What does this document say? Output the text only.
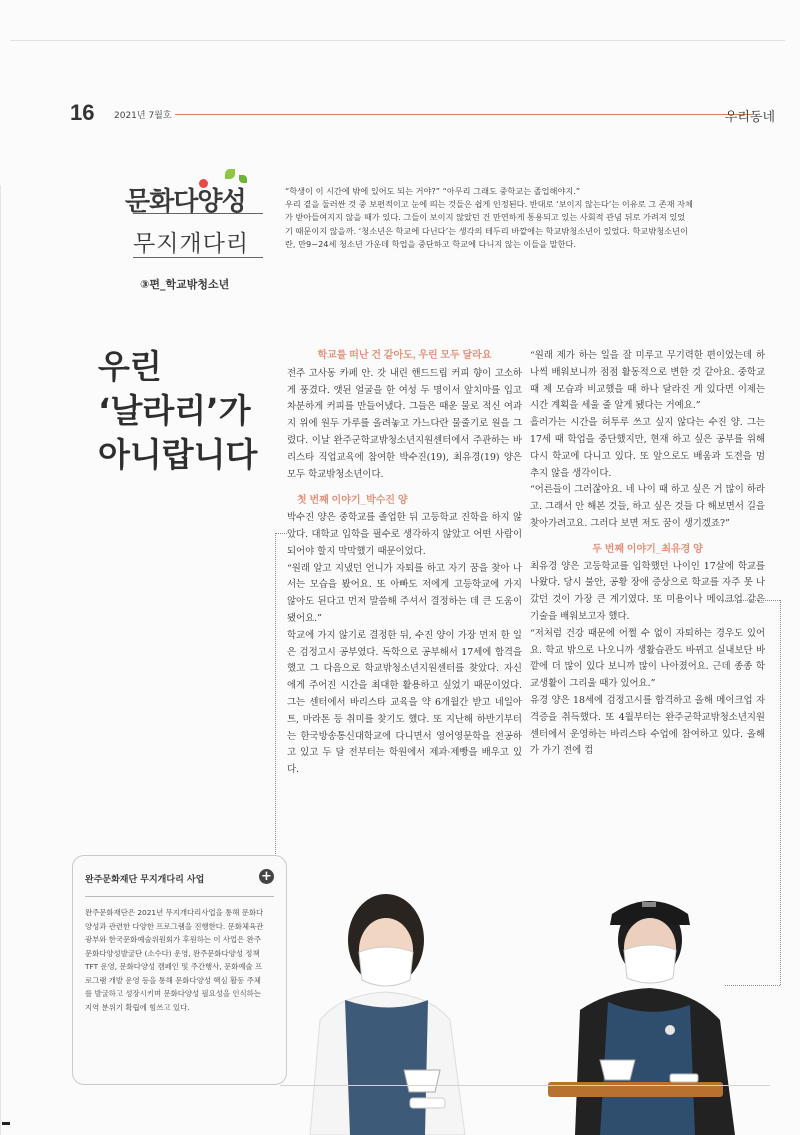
16 2021년 7월호	우리동네
문화다양성
무지개다리
③편_학교밖청소년
“학생이 이 시간에 밖에 있어도 되는 거야?” “아무리 그래도 중학교는 졸업해야지.”
우리 곁을 둘러싼 것 중 보편적이고 눈에 띄는 것들은 쉽게 인정된다. 반대로 ‘보이지 않는다’는 이유로 그 존재 자체
가 받아들여지지 않을 때가 있다. 그들이 보이지 않았던 건 만연하게 통용되고 있는 사회적 관념 뒤로 가려져 있었
기 때문이지 않을까. ‘청소년은 학교에 다닌다’는 생각의 테두리 바깥에는 학교밖청소년이 있었다. 학교밖청소년이
란, 만9~24세 청소년 가운데 학업을 중단하고 학교에 다니지 않는 이들을 말한다.
우린
‘날라리’가
아니랍니다

학교를 떠난 건 같아도, 우린 모두 달라요

전주 고사동 카페 안. 갓 내린 핸드드립 커피 향이 고소하게 풍겼다. 앳된 얼굴을 한 여성 두 명이서 앞치마를 입고 차분하게 커피를 만들어냈다. 그들은 때운 물로 적신 여과지 위에 원두 가루를 올려놓고 가느다란 물줄기로 원을 그렸다. 이날 완주군학교밖청소년지원센터에서 주관하는 바리스타 직업교육에 참여한 박수진(19), 최유경(19) 양은 모두 학교밖청소년이다.

첫 번째 이야기_박수진 양

박수진 양은 중학교를 졸업한 뒤 고등학교 진학을 하지 않았다. 대학교 입학을 필수로 생각하지 않았고 어떤 사람이 되어야 할지 막막했기 때문이었다.

“원래 알고 지냈던 언니가 자퇴를 하고 자기 꿈을 찾아 나서는 모습을 봤어요. 또 아빠도 저에게 고등학교에 가지 않아도 된다고 먼저 말씀해 주셔서 결정하는 데 큰 도움이 됐어요.”

학교에 가지 않기로 결정한 뒤, 수진 양이 가장 먼저 한 일은 검정고시 공부였다. 독학으로 공부해서 17세에 합격을 했고 그 다음으로 학교밖청소년지원센터를 찾았다. 자신에게 주어진 시간을 최대한 활용하고 싶었기 때문이었다. 그는 센터에서 바리스타 교육을 약 6개월간 받고 네일아트, 마라톤 등 취미를 찾기도 했다. 또 지난해 하반기부터는 한국방송통신대학교에 다니면서 영어영문학을 전공하고 있고 두 달 전부터는 학원에서 제과·제빵을 배우고 있다.

“원래 제가 하는 일을 잘 미루고 무기력한 편이었는데 하나씩 배워보니까 점점 활동적으로 변한 것 같아요. 중학교 때 제 모습과 비교했을 때 하나 달라진 게 있다면 이제는 시간 계획을 세울 줄 알게 됐다는 거예요.”

흘러가는 시간을 허투루 쓰고 싶지 않다는 수진 양. 그는 17세 때 학업을 중단했지만, 현재 하고 싶은 공부를 위해 다시 학교에 다니고 있다. 또 앞으로도 배움과 도전을 멈추지 않을 생각이다.

“어른들이 그러잖아요. 네 나이 때 하고 싶은 거 많이 하라고. 그래서 안 해본 것들, 하고 싶은 것들 다 해보면서 길을 찾아가려고요. 그러다 보면 저도 꿈이 생기겠죠?”

두 번째 이야기_최유경 양

최유경 양은 고등학교를 입학했던 나이인 17살에 학교를 나왔다. 당시 불안, 공황 장애 증상으로 학교를 자주 못 나갔던 것이 가장 큰 계기였다. 또 미용이나 메이크업 같은 기술을 배워보고자 했다.

“저처럼 건강 때문에 어쩔 수 없이 자퇴하는 경우도 있어요. 학교 밖으로 나오니까 생활습관도 바뀌고 실내보단 바깥에 더 많이 있다 보니까 많이 나아졌어요. 근데 종종 학교생활이 그리울 때가 있어요.”

유경 양은 18세에 검정고시를 합격하고 올해 메이크업 자격증을 취득했다. 또 4월부터는 완주군학교밖청소년지원센터에서 운영하는 바리스타 수업에 참여하고 있다. 올해가 가기 전에 컴

완주문화재단 무지개다리 사업	+
완주문화재단은 2021년 무지개다리사업을 통해 문화다
양성과 관련한 다양한 프로그램을 진행한다. 문화체육관
광부와 한국문화예술위원회가 후원하는 이 사업은 완주
문화다양성발굴단 (소수다) 운영, 완주문화다양성 정책
TFT 운영, 문화다양성 캠페인 및 주간행사, 문화예술 프
로그램 개발 운영 등을 통해 문화다양성 핵심 활동 주체
를 발굴하고 성장시키며 문화다양성 필요성을 인식하는
지역 분위기 확립에 힘쓰고 있다.
